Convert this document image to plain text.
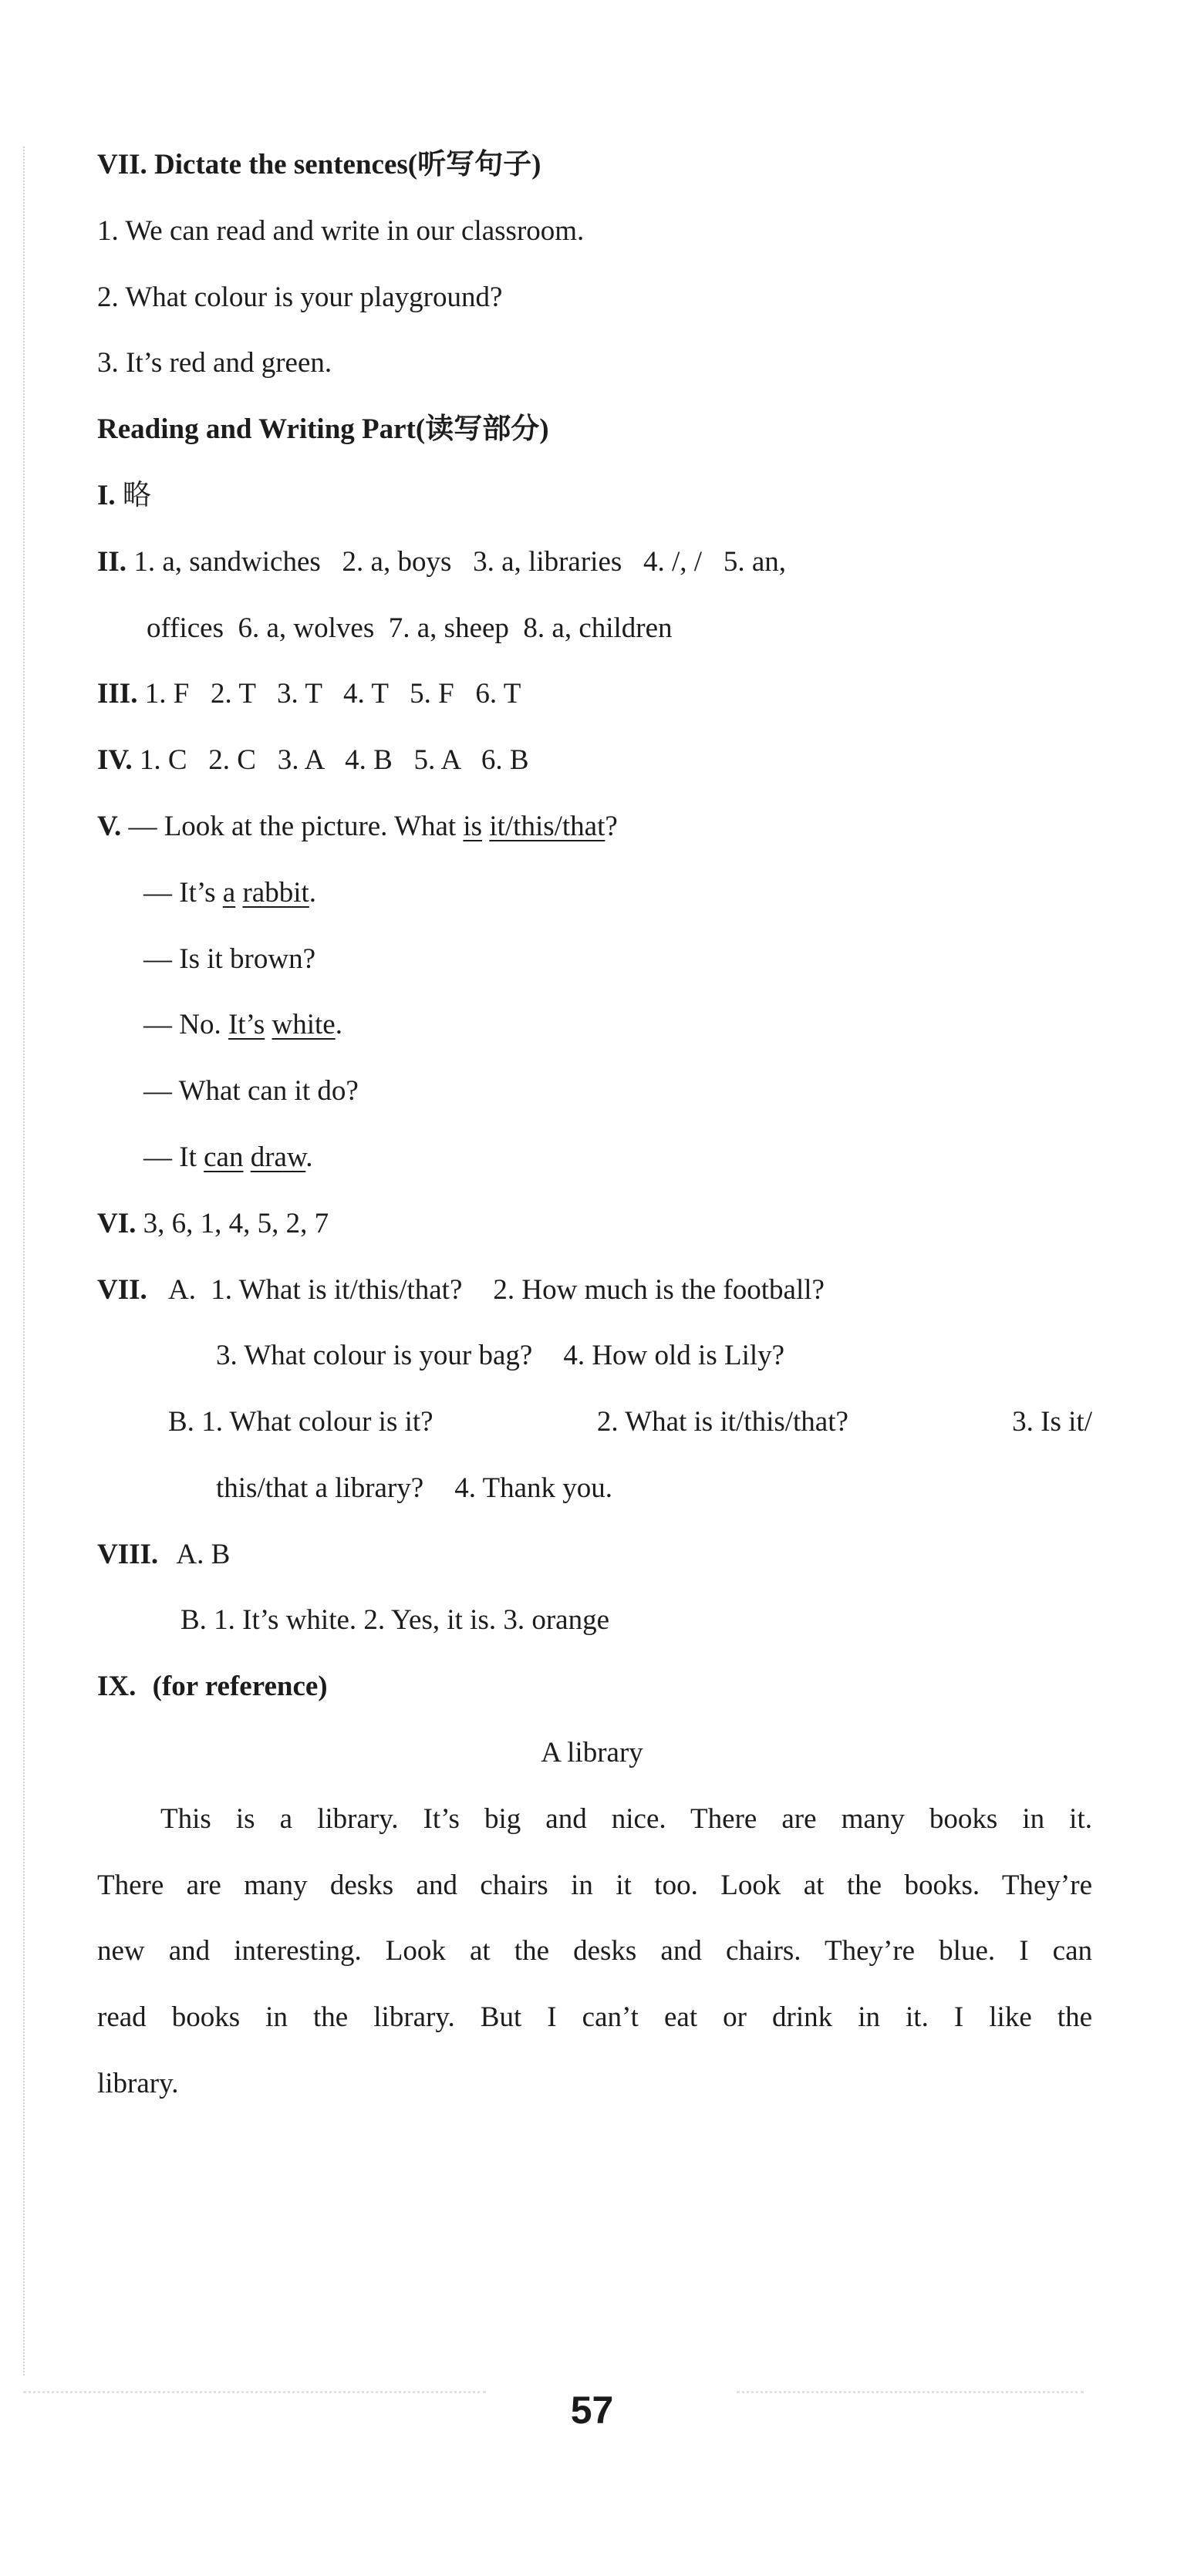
VII. Dictate the sentences(听写句子)
1. We can read and write in our classroom.
2. What colour is your playground?
3. It’s red and green.
Reading and Writing Part(读写部分)
I. 略
II. 1. a, sandwiches   2. a, boys   3. a, libraries   4. /, /   5. an,
offices  6. a, wolves  7. a, sheep  8. a, children
III. 1. F   2. T   3. T   4. T   5. F   6. T
IV. 1. C   2. C   3. A   4. B   5. A   6. B
V. — Look at the picture. What is it/this/that?
— It’s a rabbit.
— Is it brown?
— No. It’s white.
— What can it do?
— It can draw.
VI. 3, 6, 1, 4, 5, 2, 7
VII. A. 1. What is it/this/that? 2. How much is the football?
3. What colour is your bag? 4. How old is Lily?
B. 1. What colour is it?	2. What is it/this/that?	3. Is it/
this/that a library? 4. Thank you.
VIII. A. B
B. 1. It’s white. 2. Yes, it is. 3. orange
IX. (for reference)
A library
This is a library. It’s big and nice. There are many books in it.
There are many desks and chairs in it too. Look at the books. They’re
new and interesting. Look at the desks and chairs. They’re blue. I can
read books in the library. But I can’t eat or drink in it. I like the
library.
57
